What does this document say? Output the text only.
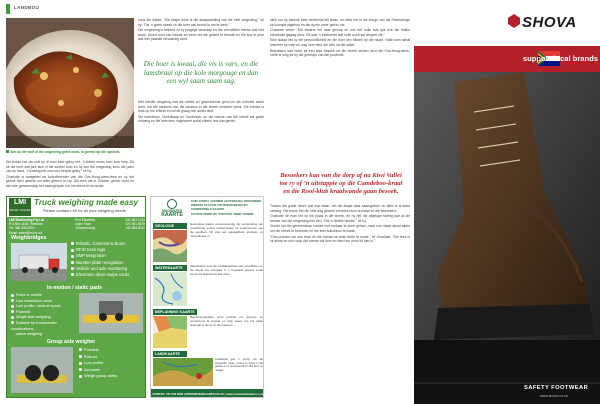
LANDBOU
Van ou die wolf in die omgewing geëet word, is gereed op die opsteek.

Die bokke het die wolf by di mou beet gekry het, ’n dokter moes hom kom help. Dit sê die boer wat jare lank in die kontrei boer en hy ken die omgewing soos die palm van sy hand. “Gelukkig het ons hom betyds gekry,” sê hy.

Charlotte is aangestel as koördineerder van die Ons-Hoog-wees-fees en sy het geboë hard gewerk om alles gereed te kry. Die fees sal in Oktober gehou word en die hele gemeenskap het saamgespan om hul streek te bevorder.

soos die hakke. “Die skape hulle is die skaapweiding van die hele omgewing,” sê hy. “Dis ’n goeie streek vir die boer wat bereid is om te werk.”

Die omgewing is bekend vir sy pragtige landskap en die vriendelike mense wat hier woon. Boere kom van heinde en verre om die gebied te besoek en die kos te proe wat hier plaaslik vervaardig word.

Die boer is kwaai, die vis is vars, en die lamsbraai op die kole morgouge en dan een wyl saam saam sag.

Met hierdie vergaring wat die streek en gewedoende groot en die hoëveld saam werk, sal die toekoms van die landbou in die streek verseker wees. Die mense is trots op hul erfenis en wil dit graag met ander deel.

Die boerderye, Noordkaap en Oostenryk, en die mense van die streek sal gaste ontvang en die hele fees organiseer sodat elkeen iets kan geniet.

skrik toe hy tweede keer heeltemal stil staan, en alles het in die kringe van die Sneeuberge se boorgat uitgehou en die lig nie meer gehou nie.

Charlotte vertel: “Die kinders het daar geloop en ons het hulle laat kyk hoe die bokke uitmekaar gejaag word. Dit was ’n belewenis wat hulle nooit sal vergeet nie.”

Elke skaap het sy eie persoonlikheid en die boer ken elkeen by die naam. Hulle kom almal wanneer hy roep en volg hom deur die veld na die water.

Besoekers kan meer as een fees besoek en die streek verken deur die Ons-Hoog-wees-roete te volg tot by die grenslyn van die provinsie.

Besoekers kan van die dorp af na Kiwi Vallei toe ry of ’n uitstappie op die Camdeboo-kraal en die Rooi-klub kraalwande gaan besoek.

Tussen die goeie deure wat oop staan, het die skape daar saamgekom en alles is al klaar versorg. Die boere het die hele dag gewerk om alles mooi te maak vir die besoekers.

Charlotte se man het sy eie plaas in die streek, en hy het die afgelope twintig jaar al die mense van die omgewing leer ken. “Dis ’n familie hierdie,” sê hy.

Vroeër het die gemeenskap minder met mekaar te doen gehad, maar nou staan almal saam om die streek te bevorder en die fees suksesvol te maak.

“Ons probeer om ons lewe en die mense se lewe beter te maak,” sê Charlotte. “Die fees is vir almal en ons hoop dat mense sal kom en sien hoe mooi dit hier is.”

LMI
SKALE / SCALES
Truck weighing made easy
Please contact LMI for all your weighing needs
LMI Skalbouing Pty Ltd
P.O.Box 1108, Pinetown
Tel: 086 333 0000
Email: sales@lmi.co.za
Port Elizabeth	041 581 1234
Cape Town	021 551 5678
Johannesburg	011 854 9012
Weighbridges
Robotic, Cameras & Boom
RFID track tags
SMP integration
Number plate recognition
Vehicle and axle monitoring
Electronic driver swipe cards
In-motion / static pads
Fixed or mobile
Low installation costs
Low profile, minimal space
Polaroid
Single axle weighing
Suitable for trucks/trailer combinations
native weighing
Group axle weigher
Portable
Robust
Low profile
Accurate
Weigh group axles
MOOIWATER
KAARTE
SUID-AFRIKA | NAMIBIË | BOTSWANA | MOSAMBIEK
DIENSTE TE HUUR VIR PERSOONLIKE EN KOMMERSIËLE KAARTE
KAARTE WORD OP ‘N ROTTEL PRINT VORMIS
GEOLOGIE	Geologiese kaarte verteenwoordig die verspreiding van verskillende soorte rotsformasies en ouderdomme van die aardkors. Dit sluit ook gelaagdheid, strukture en mineralisasie in.
WATERKAARTE	Waterkaarte toon die beskikbaarheid van grondwater en die diepte van boorgate in ’n bepaalde gebied, sodat boere hul beplanning kan doen.
BEPLANNING KAARTE
Beplanningskaarte word gebruik om grensse en eiendomme te bepaal en help boere om hul plase optimaal te benut vir die toekoms.
LANDKAARTE
Landkaarte gee ’n oorsig van die topografie, paaie, riviere en dorpe in die gebied en is onontbeerlik vir elke boer en reisiger.
KONTAK: 071 000 0000 | MOOIWATERKAARTE.CO.ZA | www.mooiwaterkaarte.co.za
SHOVA
support local brands
SAFETY FOOTWEAR
www.shova.co.za
